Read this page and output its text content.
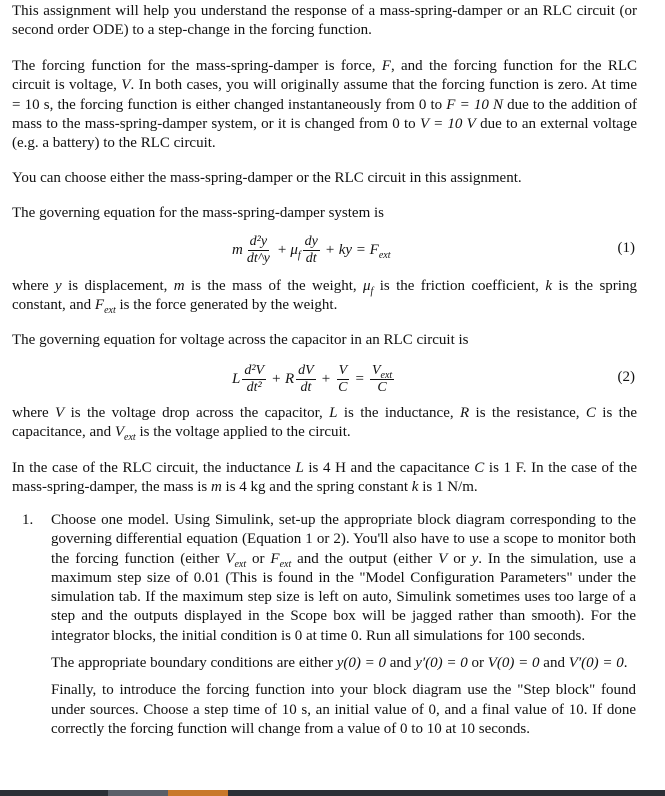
This assignment will help you understand the response of a mass-spring-damper or an RLC circuit (or second order ODE) to a step-change in the forcing function.

The forcing function for the mass-spring-damper is force, F, and the forcing function for the RLC circuit is voltage, V. In both cases, you will originally assume that the forcing function is zero. At time = 10 s, the forcing function is either changed instantaneously from 0 to F = 10 N due to the addition of mass to the mass-spring-damper system, or it is changed from 0 to V = 10 V due to an external voltage (e.g. a battery) to the RLC circuit.

You can choose either the mass-spring-damper or the RLC circuit in this assignment.

The governing equation for the mass-spring-damper system is

m $\frac{\text{d²y}}{dt\^{}y} + \mu_f \frac{dy}{dt}$ + ky = $F_{ext}$	(1)

where y is displacement, m is the mass of the weight, $\mu_f$ is the friction coefficient, k is the spring constant, and $F_{ext}$ is the force generated by the weight.

The governing equation for voltage across the capacitor in an RLC circuit is

L $\frac{\text{d²V}}{\text{dt²}} + R \frac{dV}{dt} + \frac{V}{C} = \frac{V_{ext}}{C}$	(2)

where V is the voltage drop across the capacitor, L is the inductance, R is the resistance, C is the capacitance, and $V_{ext}$ is the voltage applied to the circuit.

In the case of the RLC circuit, the inductance L is 4 H and the capacitance C is 1 F. In the case of the mass-spring-damper, the mass is m is 4 kg and the spring constant k is 1 N/m.

1. Choose one model. Using Simulink, set-up the appropriate block diagram corresponding to the governing differential equation (Equation 1 or 2). You'll also have to use a scope to monitor both the forcing function (either $V_{ext}$ or $F_{ext}$ and the output (either V or y. In the simulation, use a maximum step size of 0.01 (This is found in the "Model Configuration Parameters" under the simulation tab. If the maximum step size is left on auto, Simulink sometimes uses too large of a step and the outputs displayed in the Scope box will be jagged rather than smooth). For the integrator blocks, the initial condition is 0 at time 0. Run all simulations for 100 seconds.

The appropriate boundary conditions are either y(0) = 0 and y′(0) = 0 or V(0) = 0 and V′(0) = 0.

Finally, to introduce the forcing function into your block diagram use the "Step block" found under sources. Choose a step time of 10 s, an initial value of 0, and a final value of 10. If done correctly the forcing function will change from a value of 0 to 10 at 10 seconds.
